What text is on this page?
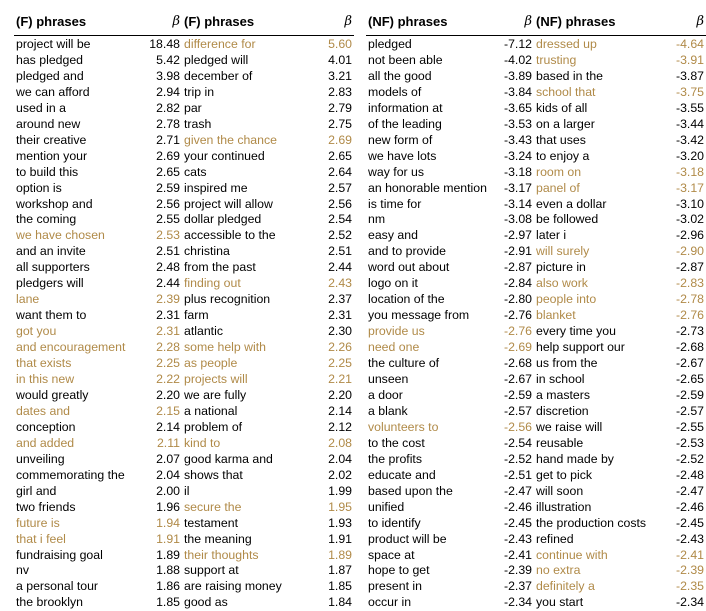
(F) phrases	β (F) phrases	β
project will be	18.48 difference for	5.60
has pledged	5.42 pledged will	4.01
pledged and	3.98 december of	3.21
we can afford	2.94 trip in	2.83
used in a	2.82 par	2.79
around new	2.78 trash	2.75
their creative	2.71 given the chance	2.69
mention your	2.69 your continued	2.65
to build this	2.65 cats	2.64
option is	2.59 inspired me	2.57
workshop and	2.56 project will allow	2.56
the coming	2.55 dollar pledged	2.54
we have chosen	2.53 accessible to the	2.52
and an invite	2.51 christina	2.51
all supporters	2.48 from the past	2.44
pledgers will	2.44 finding out	2.43
lane	2.39 plus recognition	2.37
want them to	2.31 farm	2.31
got you	2.31 atlantic	2.30
and encouragement 2.28 some help with	2.26
that exists	2.25 as people	2.25
in this new	2.22 projects will	2.21
would greatly	2.20 we are fully	2.20
dates and	2.15 a national	2.14
conception	2.14 problem of	2.12
and added	2.11 kind to	2.08
unveiling	2.07 good karma and	2.04
commemorating the	2.04 shows that	2.02
girl and	2.00 il	1.99
two friends	1.96 secure the	1.95
future is	1.94 testament	1.93
that i feel	1.91 the meaning	1.91
fundraising goal	1.89 their thoughts	1.89
nv	1.88 support at	1.87
a personal tour	1.86 are raising money	1.85
the brooklyn	1.85 good as	1.84
(NF) phrases	β (NF) phrases	β
pledged	-7.12 dressed up	-4.64
not been able	-4.02 trusting	-3.91
all the good	-3.89 based in the	-3.87
models of	-3.84 school that	-3.75
information at	-3.65 kids of all	-3.55
of the leading	-3.53 on a larger	-3.44
new form of	-3.43 that uses	-3.42
we have lots	-3.24 to enjoy a	-3.20
way for us	-3.18 room on	-3.18
an honorable mention -3.17 panel of	-3.17
is time for	-3.14 even a dollar	-3.10
nm	-3.08 be followed	-3.02
easy and	-2.97 later i	-2.96
and to provide	-2.91 will surely	-2.90
word out about	-2.87 picture in	-2.87
logo on it	-2.84 also work	-2.83
location of the	-2.80 people into	-2.78
you message from	-2.76 blanket	-2.76
provide us	-2.76 every time you	-2.73
need one	-2.69 help support our	-2.68
the culture of	-2.68 us from the	-2.67
unseen	-2.67 in school	-2.65
a door	-2.59 a masters	-2.59
a blank	-2.57 discretion	-2.57
volunteers to	-2.56 we raise will	-2.55
to the cost	-2.54 reusable	-2.53
the profits	-2.52 hand made by	-2.52
educate and	-2.51 get to pick	-2.48
based upon the	-2.47 will soon	-2.47
unified	-2.46 illustration	-2.46
to identify	-2.45 the production costs -2.45
product will be	-2.43 refined	-2.43
space at	-2.41 continue with	-2.41
hope to get	-2.39 no extra	-2.39
present in	-2.37 definitely a	-2.35
occur in	-2.34 you start	-2.34
